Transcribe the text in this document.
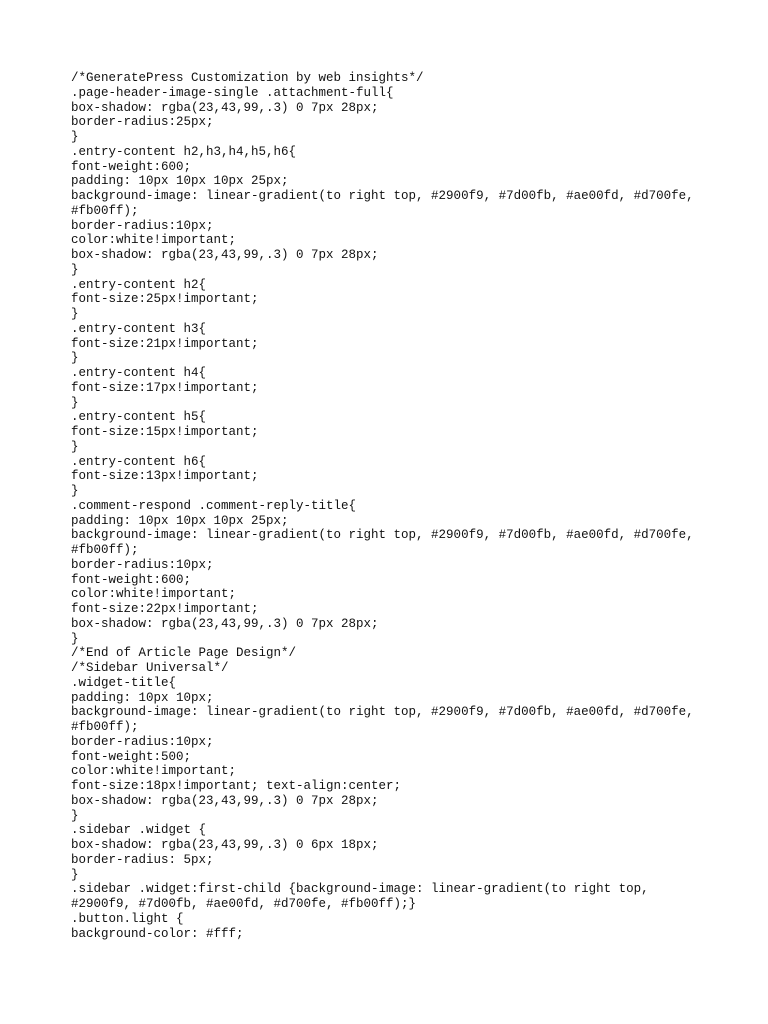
/*GeneratePress Customization by web insights*/
.page-header-image-single .attachment-full{
box-shadow: rgba(23,43,99,.3) 0 7px 28px;
border-radius:25px;
}
.entry-content h2,h3,h4,h5,h6{
font-weight:600;
padding: 10px 10px 10px 25px;
background-image: linear-gradient(to right top, #2900f9, #7d00fb, #ae00fd, #d700fe,
#fb00ff);
border-radius:10px;
color:white!important;
box-shadow: rgba(23,43,99,.3) 0 7px 28px;
}
.entry-content h2{
font-size:25px!important;
}
.entry-content h3{
font-size:21px!important;
}
.entry-content h4{
font-size:17px!important;
}
.entry-content h5{
font-size:15px!important;
}
.entry-content h6{
font-size:13px!important;
}
.comment-respond .comment-reply-title{
padding: 10px 10px 10px 25px;
background-image: linear-gradient(to right top, #2900f9, #7d00fb, #ae00fd, #d700fe,
#fb00ff);
border-radius:10px;
font-weight:600;
color:white!important;
font-size:22px!important;
box-shadow: rgba(23,43,99,.3) 0 7px 28px;
}
/*End of Article Page Design*/
/*Sidebar Universal*/
.widget-title{
padding: 10px 10px;
background-image: linear-gradient(to right top, #2900f9, #7d00fb, #ae00fd, #d700fe,
#fb00ff);
border-radius:10px;
font-weight:500;
color:white!important;
font-size:18px!important; text-align:center;
box-shadow: rgba(23,43,99,.3) 0 7px 28px;
}
.sidebar .widget {
box-shadow: rgba(23,43,99,.3) 0 6px 18px;
border-radius: 5px;
}
.sidebar .widget:first-child {background-image: linear-gradient(to right top,
#2900f9, #7d00fb, #ae00fd, #d700fe, #fb00ff);}
.button.light {
background-color: #fff;
